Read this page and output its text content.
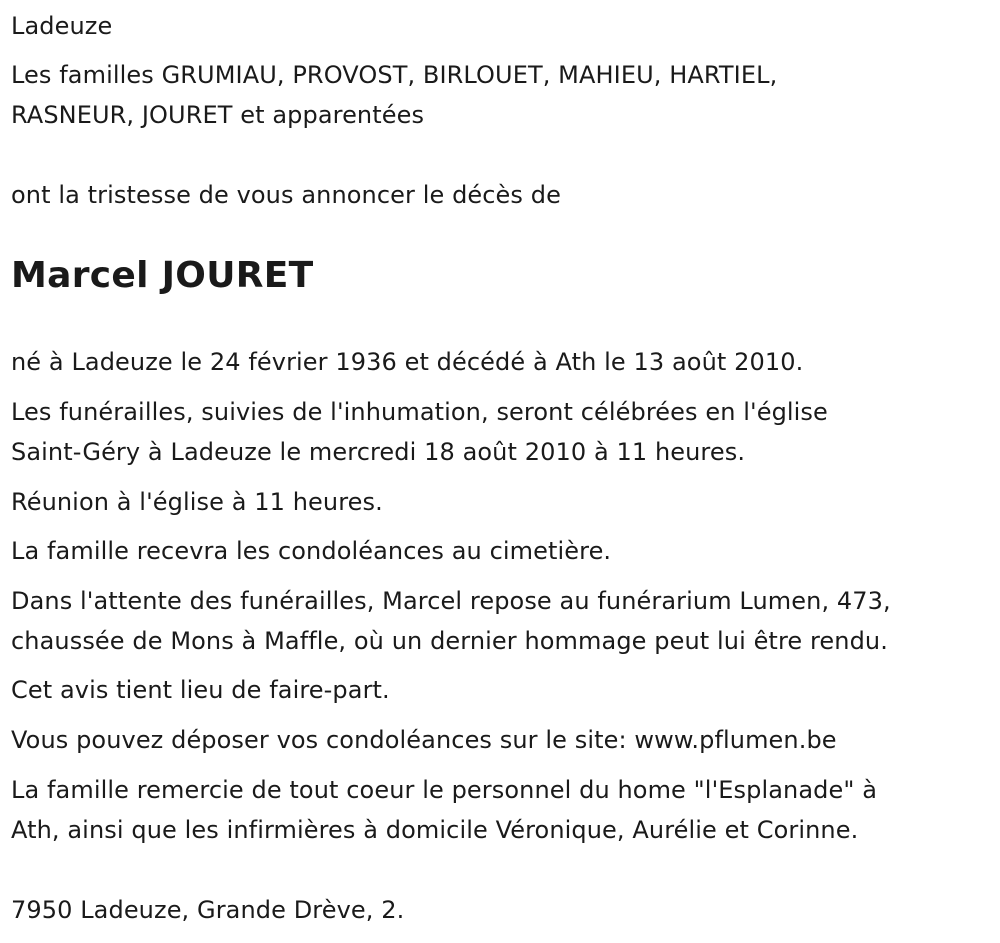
Ladeuze
Les familles GRUMIAU, PROVOST, BIRLOUET, MAHIEU, HARTIEL,
RASNEUR, JOURET et apparentées
ont la tristesse de vous annoncer le décès de
Marcel JOURET
né à Ladeuze le 24 février 1936 et décédé à Ath le 13 août 2010.
Les funérailles, suivies de l'inhumation, seront célébrées en l'église
Saint-Géry à Ladeuze le mercredi 18 août 2010 à 11 heures.
Réunion à l'église à 11 heures.
La famille recevra les condoléances au cimetière.
Dans l'attente des funérailles, Marcel repose au funérarium Lumen, 473,
chaussée de Mons à Maffle, où un dernier hommage peut lui être rendu.
Cet avis tient lieu de faire-part.
Vous pouvez déposer vos condoléances sur le site: www.pflumen.be
La famille remercie de tout coeur le personnel du home "l'Esplanade" à
Ath, ainsi que les infirmières à domicile Véronique, Aurélie et Corinne.
7950 Ladeuze, Grande Drève, 2.
